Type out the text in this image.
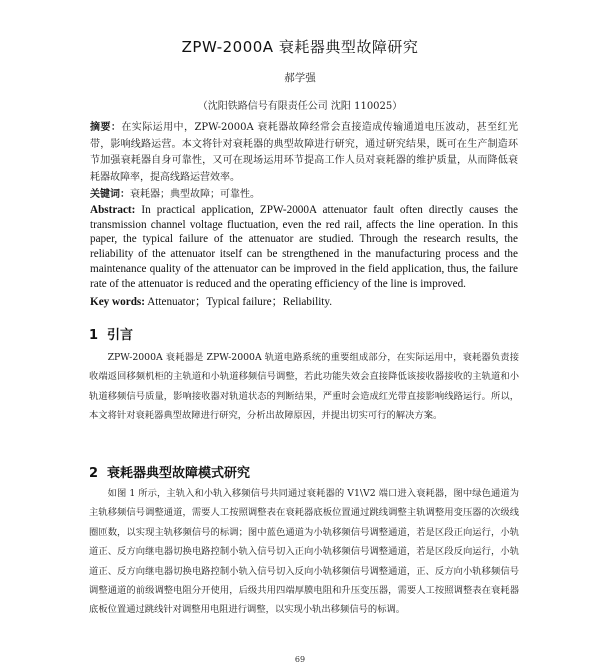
ZPW-2000A 衰耗器典型故障研究
郝学强
（沈阳铁路信号有限责任公司 沈阳 110025）
摘要：在实际运用中，ZPW-2000A 衰耗器故障经常会直接造成传输通道电压波动，甚至红光带，影响线路运营。本文将针对衰耗器的典型故障进行研究，通过研究结果，既可在生产制造环节加强衰耗器自身可靠性，又可在现场运用环节提高工作人员对衰耗器的维护质量，从而降低衰耗器故障率，提高线路运营效率。
关键词：衰耗器；典型故障；可靠性。
Abstract: In practical application, ZPW-2000A attenuator fault often directly causes the transmission channel voltage fluctuation, even the red rail, affects the line operation. In this paper, the typical failure of the attenuator are studied. Through the research results, the reliability of the attenuator itself can be strengthened in the manufacturing process and the maintenance quality of the attenuator can be improved in the field application, thus, the failure rate of the attenuator is reduced and the operating efficiency of the line is improved.
Key words: Attenuator；Typical failure；Reliability.
1 引言
ZPW-2000A 衰耗器是 ZPW-2000A 轨道电路系统的重要组成部分，在实际运用中，衰耗器负责接收端返回移频机柜的主轨道和小轨道移频信号调整，若此功能失效会直接降低该接收器接收的主轨道和小轨道移频信号质量，影响接收器对轨道状态的判断结果，严重时会造成红光带直接影响线路运行。所以，本文将针对衰耗器典型故障进行研究，分析出故障原因，并提出切实可行的解决方案。
2 衰耗器典型故障模式研究
如图 1 所示，主轨入和小轨入移频信号共同通过衰耗器的 V1\V2 端口进入衰耗器，图中绿色通道为主轨移频信号调整通道，需要人工按照调整表在衰耗器底板位置通过跳线调整主轨调整用变压器的次级线圈匝数，以实现主轨移频信号的标调；图中蓝色通道为小轨移频信号调整通道，若是区段正向运行，小轨道正、反方向继电器切换电路控制小轨入信号切入正向小轨移频信号调整通道，若是区段反向运行，小轨道正、反方向继电器切换电路控制小轨入信号切入反向小轨移频信号调整通道，正、反方向小轨移频信号调整通道的前级调整电阻分开使用，后级共用四端厚膜电阻和升压变压器，需要人工按照调整表在衰耗器底板位置通过跳线针对调整用电阻进行调整，以实现小轨出移频信号的标调。
69
